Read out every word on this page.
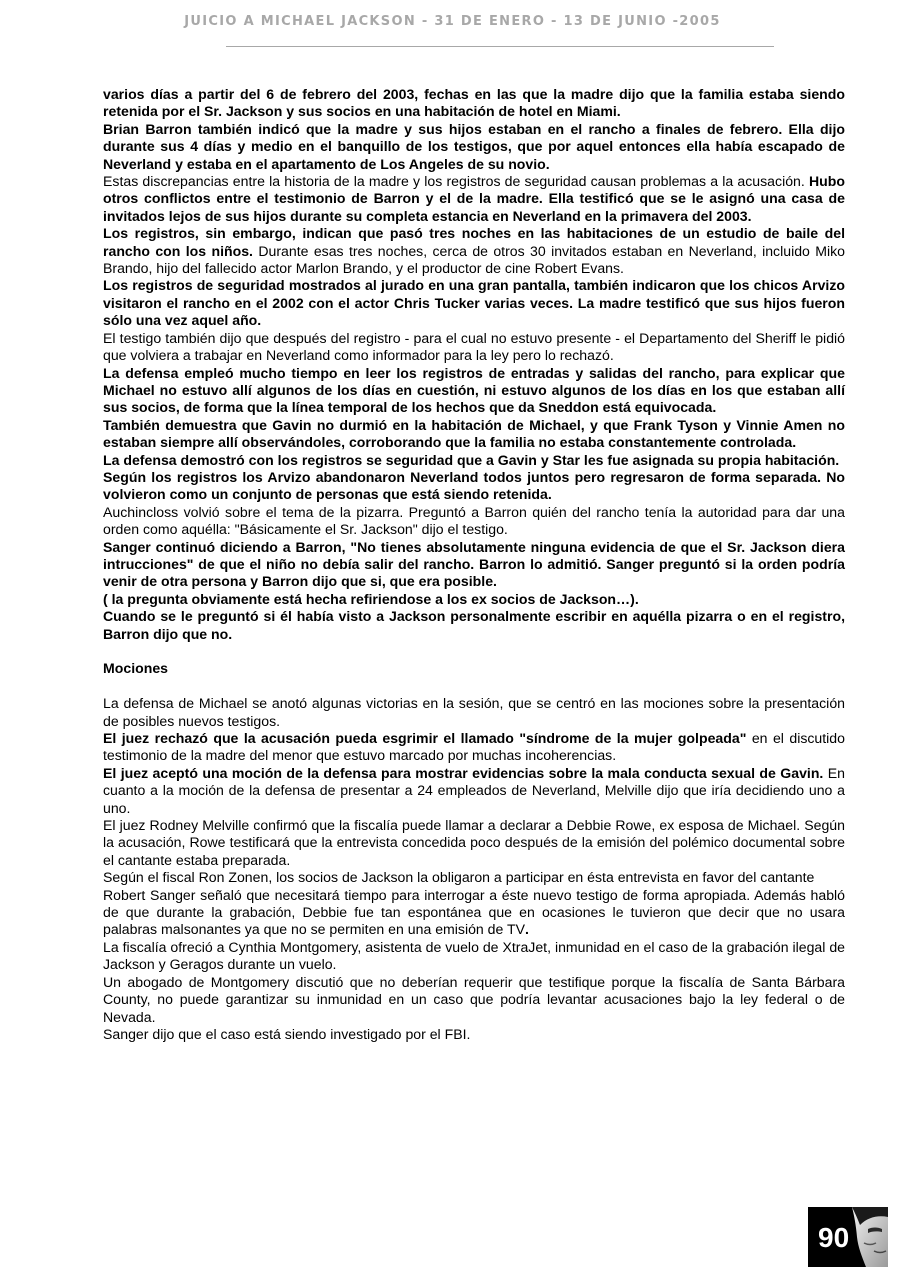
JUICIO A MICHAEL JACKSON - 31 DE ENERO - 13 DE JUNIO -2005

varios días a partir del 6 de febrero del 2003, fechas en las que la madre dijo que la familia estaba siendo retenida por el Sr. Jackson y sus socios en una habitación de hotel en Miami.

Brian Barron también indicó que la madre y sus hijos estaban en el rancho a finales de febrero. Ella dijo durante sus 4 días y medio en el banquillo de los testigos, que por aquel entonces ella había escapado de Neverland y estaba en el apartamento de Los Angeles de su novio.

Estas discrepancias entre la historia de la madre y los registros de seguridad causan problemas a la acusación. Hubo otros conflictos entre el testimonio de Barron y el de la madre. Ella testificó que se le asignó una casa de invitados lejos de sus hijos durante su completa estancia en Neverland en la primavera del 2003.

Los registros, sin embargo, indican que pasó tres noches en las habitaciones de un estudio de baile del rancho con los niños. Durante esas tres noches, cerca de otros 30 invitados estaban en Neverland, incluido Miko Brando, hijo del fallecido actor Marlon Brando, y el productor de cine Robert Evans.

Los registros de seguridad mostrados al jurado en una gran pantalla, también indicaron que los chicos Arvizo visitaron el rancho en el 2002 con el actor Chris Tucker varias veces. La madre testificó que sus hijos fueron sólo una vez aquel año.

El testigo también dijo que después del registro - para el cual no estuvo presente - el Departamento del Sheriff le pidió que volviera a trabajar en Neverland como informador para la ley pero lo rechazó.

La defensa empleó mucho tiempo en leer los registros de entradas y salidas del rancho, para explicar que Michael no estuvo allí algunos de los días en cuestión, ni estuvo algunos de los días en los que estaban allí sus socios, de forma que la línea temporal de los hechos que da Sneddon está equivocada.

También demuestra que Gavin no durmió en la habitación de Michael, y que Frank Tyson y Vinnie Amen no estaban siempre allí observándoles, corroborando que la familia no estaba constantemente controlada.

La defensa demostró con los registros se seguridad que a Gavin y Star les fue asignada su propia habitación.

Según los registros los Arvizo abandonaron Neverland todos juntos pero regresaron de forma separada. No volvieron como un conjunto de personas que está siendo retenida.

Auchincloss volvió sobre el tema de la pizarra. Preguntó a Barron quién del rancho tenía la autoridad para dar una orden como aquélla: "Básicamente el Sr. Jackson" dijo el testigo.

Sanger continuó diciendo a Barron, "No tienes absolutamente ninguna evidencia de que el Sr. Jackson diera intrucciones" de que el niño no debía salir del rancho. Barron lo admitió. Sanger preguntó si la orden podría venir de otra persona y Barron dijo que si, que era posible.

( la pregunta obviamente está hecha refiriendose a los ex socios de Jackson…).

Cuando se le preguntó si él había visto a Jackson personalmente escribir en aquélla pizarra o en el registro, Barron dijo que no.

Mociones

La defensa de Michael se anotó algunas victorias en la sesión, que se centró en las mociones sobre la presentación de posibles nuevos testigos.

El juez rechazó que la acusación pueda esgrimir el llamado "síndrome de la mujer golpeada" en el discutido testimonio de la madre del menor que estuvo marcado por muchas incoherencias.

El juez aceptó una moción de la defensa para mostrar evidencias sobre la mala conducta sexual de Gavin. En cuanto a la moción de la defensa de presentar a 24 empleados de Neverland, Melville dijo que iría decidiendo uno a uno.

El juez Rodney Melville confirmó que la fiscalía puede llamar a declarar a Debbie Rowe, ex esposa de Michael. Según la acusación, Rowe testificará que la entrevista concedida poco después de la emisión del polémico documental sobre el cantante estaba preparada.

Según el fiscal Ron Zonen, los socios de Jackson la obligaron a participar en ésta entrevista en favor del cantante

Robert Sanger señaló que necesitará tiempo para interrogar a éste nuevo testigo de forma apropiada. Además habló de que durante la grabación, Debbie fue tan espontánea que en ocasiones le tuvieron que decir que no usara palabras malsonantes ya que no se permiten en una emisión de TV.

La fiscalía ofreció a Cynthia Montgomery, asistenta de vuelo de XtraJet, inmunidad en el caso de la grabación ilegal de Jackson y Geragos durante un vuelo.

Un abogado de Montgomery discutió que no deberían requerir que testifique porque la fiscalía de Santa Bárbara County, no puede garantizar su inmunidad en un caso que podría levantar acusaciones bajo la ley federal o de Nevada.

Sanger dijo que el caso está siendo investigado por el FBI.

90
